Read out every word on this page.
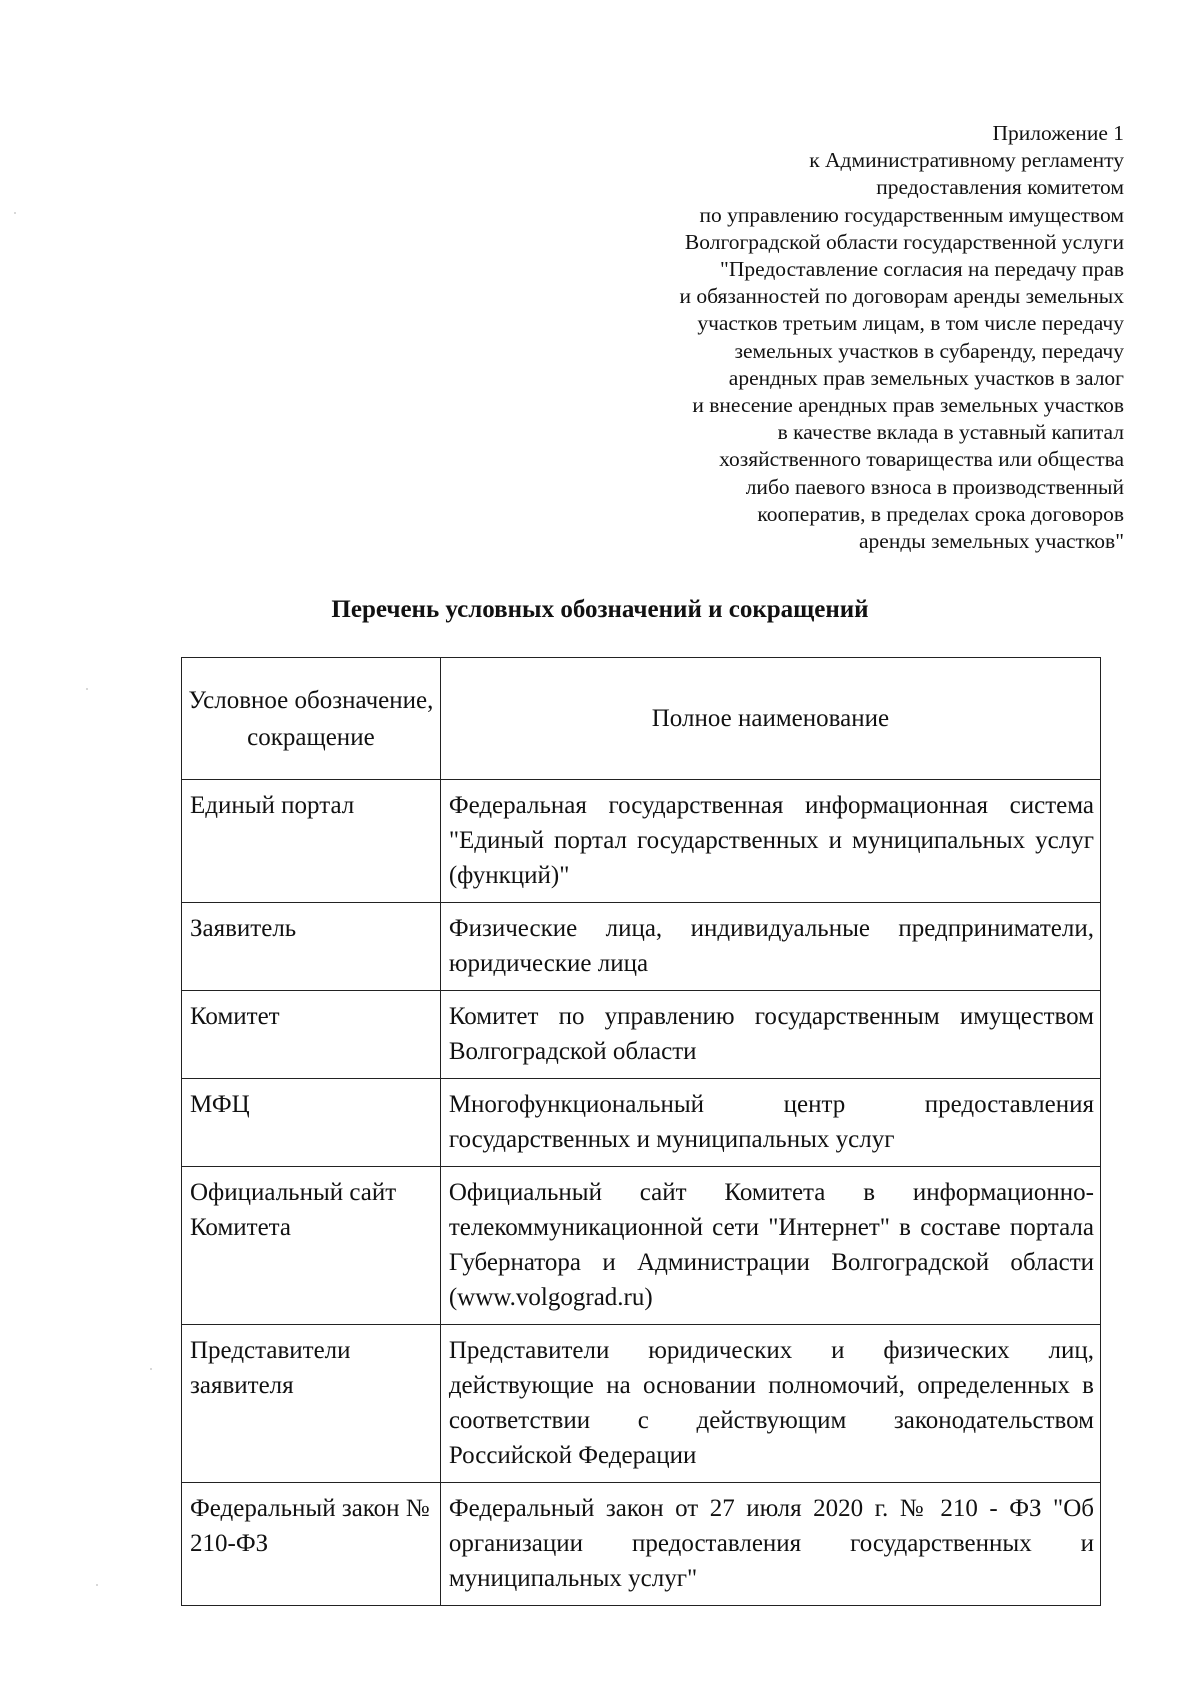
Приложение 1
к Административному регламенту
предоставления комитетом
по управлению государственным имуществом
Волгоградской области государственной услуги
"Предоставление согласия на передачу прав
и обязанностей по договорам аренды земельных
участков третьим лицам, в том числе передачу
земельных участков в субаренду, передачу
арендных прав земельных участков в залог
и внесение арендных прав земельных участков
в качестве вклада в уставный капитал
хозяйственного товарищества или общества
либо паевого взноса в производственный
кооператив, в пределах срока договоров
аренды земельных участков"
Перечень условных обозначений и сокращений
Условное обозначение, сокращение	Полное наименование
Единый портал	Федеральная государственная информационная система "Единый портал государственных и муниципальных услуг (функций)"
Заявитель	Физические лица, индивидуальные предприниматели, юридические лица
Комитет	Комитет по управлению государственным имуществом Волгоградской области
МФЦ	Многофункциональный центр предоставления государственных и муниципальных услуг
Официальный сайт Комитета	Официальный сайт Комитета в информационно-телекоммуникационной сети "Интернет" в составе портала Губернатора и Администрации Волгоградской области (www.volgograd.ru)
Представители заявителя	Представители юридических и физических лиц, действующие на основании полномочий, определенных в соответствии с действующим законодательством Российской Федерации
Федеральный закон № 210-ФЗ	Федеральный закон от 27 июля 2020 г. № 210 - ФЗ "Об организации предоставления государственных и муниципальных услуг"
